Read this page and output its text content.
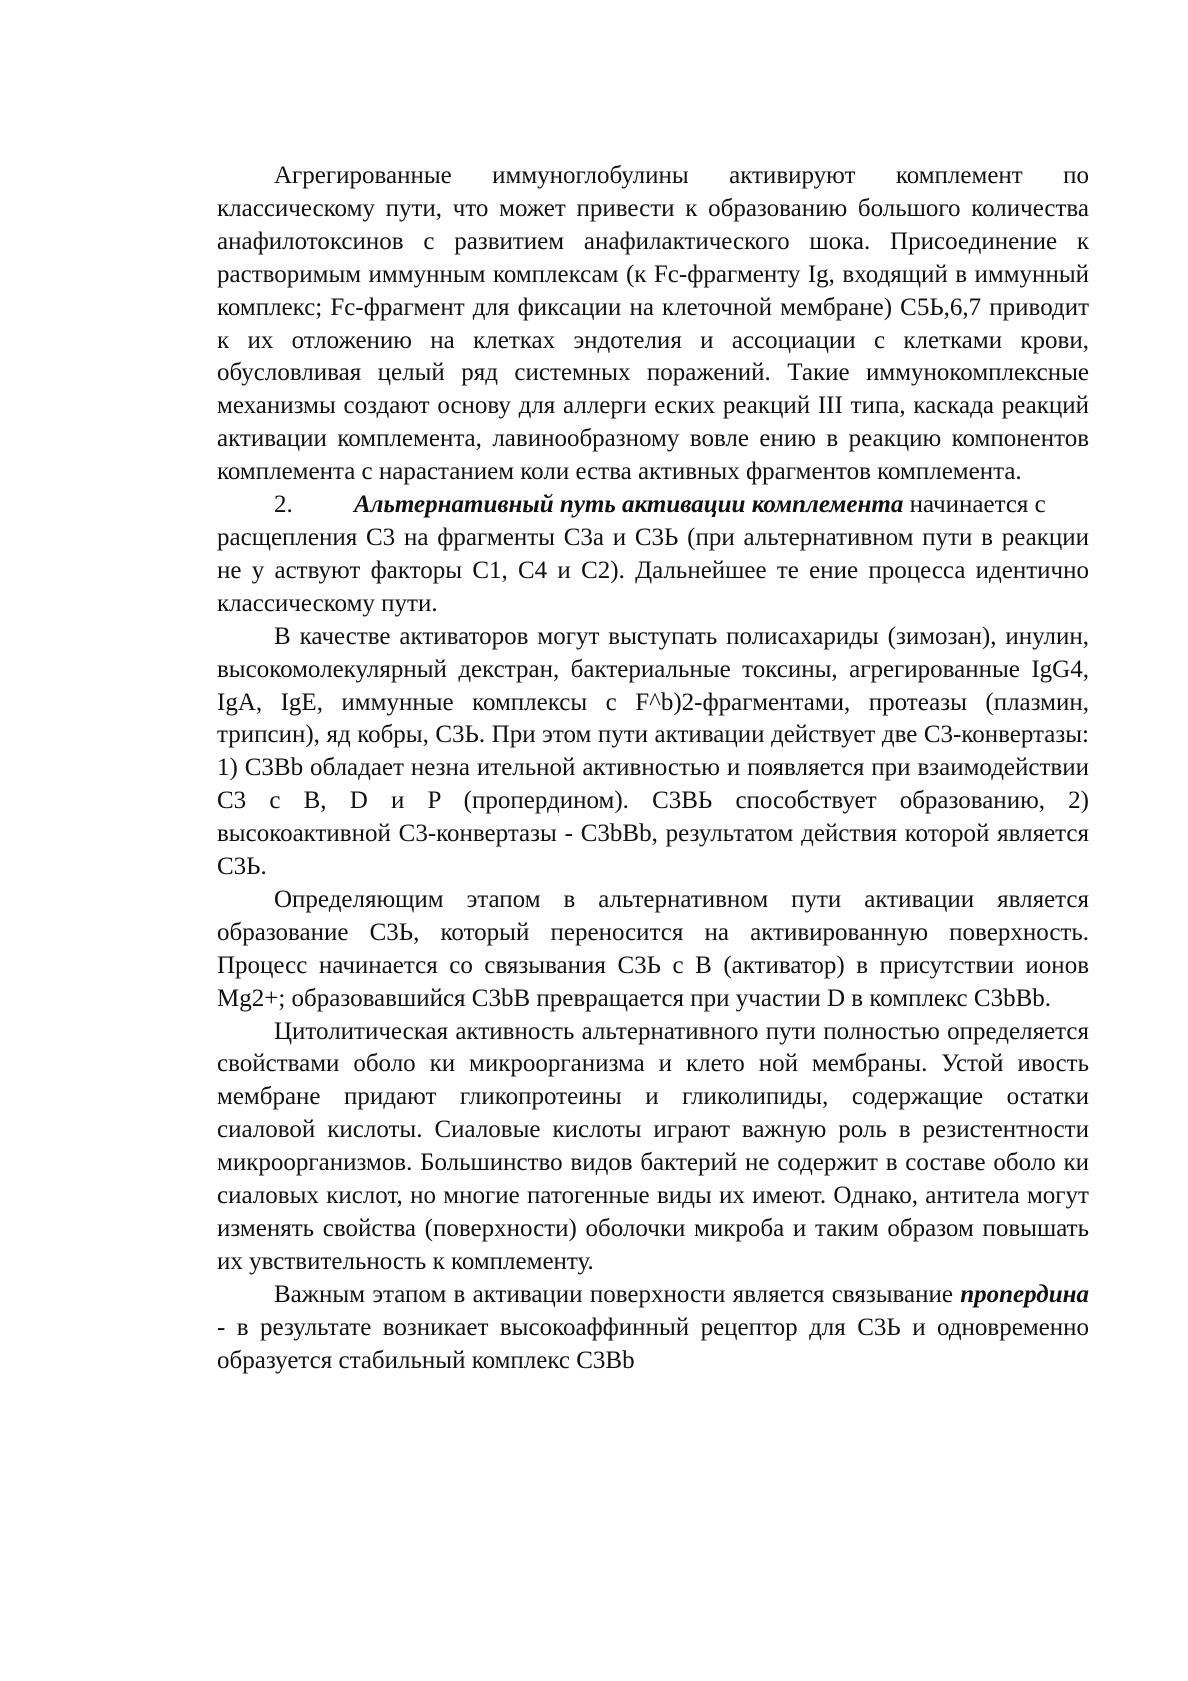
Агрегированные иммуноглобулины активируют комплемент по классическому пути, что может привести к образованию большого количества анафилотоксинов с развитием анафилактического шока. Присоединение к растворимым иммунным комплексам (к Fc-фрагменту Ig, входящий в иммунный комплекс; Fc-фрагмент для фиксации на клеточной мембране) C5Ь,6,7 приводит к их отложению на клетках эндотелия и ассоциации с клетками крови, обусловливая целый ряд системных поражений. Такие иммунокомплексные механизмы создают основу для аллерги еских реакций III типа, каскада реакций активации комплемента, лавинообразному вовле ению в реакцию компонентов комплемента с нарастанием коли ества активных фрагментов комплемента.

2. Альтернативный путь активации комплемента начинается с
расщепления C3 на фрагменты C3a и C3Ь (при альтернативном пути в реакции не у аствуют факторы C1, C4 и C2). Дальнейшее те ение процесса идентично классическому пути.

В качестве активаторов могут выступать полисахариды (зимозан), инулин, высокомолекулярный декстран, бактериальные токсины, агрегированные IgG4, IgA, IgE, иммунные комплексы с F^b)2-фрагментами, протеазы (плазмин, трипсин), яд кобры, C3Ь. При этом пути активации действует две C3-конвертазы: 1) C3Bb обладает незна ительной активностью и появляется при взаимодействии C3 с B, D и P (пропердином). C3BЬ способствует образованию, 2) высокоактивной C3-конвертазы - C3bBb, результатом действия которой является C3Ь.

Определяющим этапом в альтернативном пути активации является образование C3Ь, который переносится на активированную поверхность. Процесс начинается со связывания C3Ь с B (активатор) в присутствии ионов Mg2+; образовавшийся C3bB превращается при участии D в комплекс C3bBb.

Цитолитическая активность альтернативного пути полностью определяется свойствами оболо ки микроорганизма и клето ной мембраны. Устой ивость мембране придают гликопротеины и гликолипиды, содержащие остатки сиаловой кислоты. Сиаловые кислоты играют важную роль в резистентности микроорганизмов. Большинство видов бактерий не содержит в составе оболо ки сиаловых кислот, но многие патогенные виды их имеют. Однако, антитела могут изменять свойства (поверхности) оболочки микроба и таким образом повышать их увствительность к комплементу.

Важным этапом в активации поверхности является связывание пропердина - в результате возникает высокоаффинный рецептор для C3Ь и одновременно образуется стабильный комплекс C3Bb
